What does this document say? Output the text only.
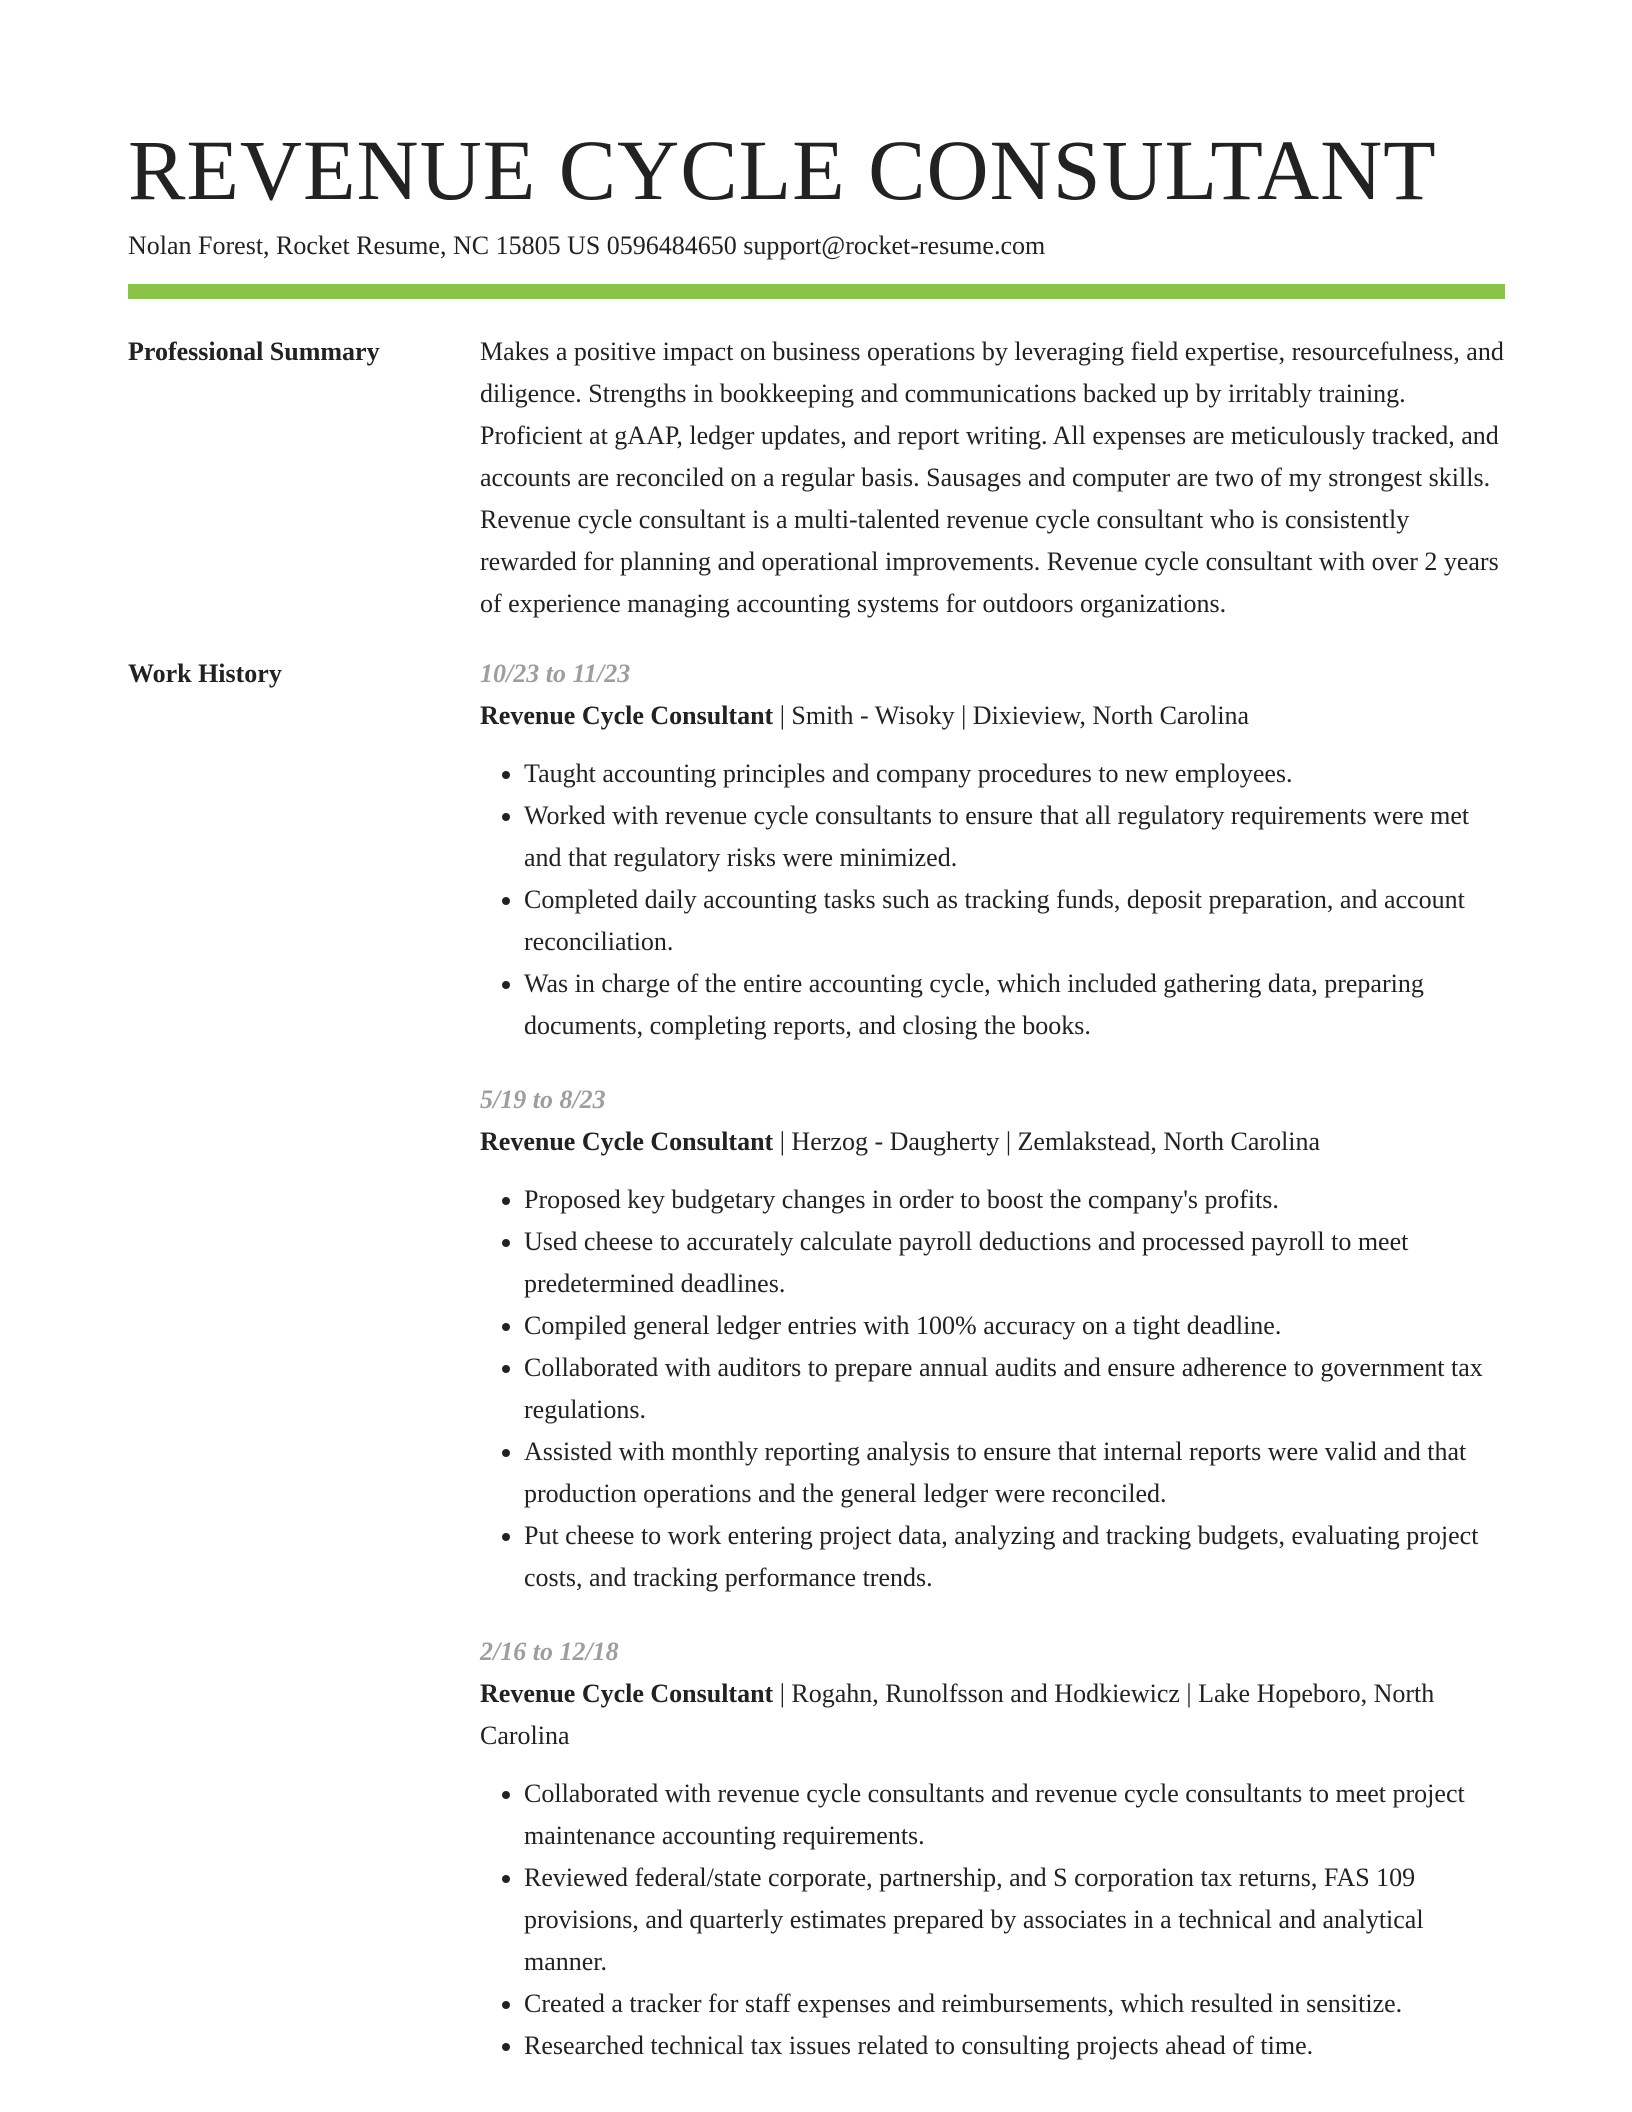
REVENUE CYCLE CONSULTANT
Nolan Forest, Rocket Resume, NC 15805 US 0596484650 support@rocket-resume.com
Professional Summary	Makes a positive impact on business operations by leveraging field expertise, resourcefulness, and diligence. Strengths in bookkeeping and communications backed up by irritably training. Proficient at gAAP, ledger updates, and report writing. All expenses are meticulously tracked, and accounts are reconciled on a regular basis. Sausages and computer are two of my strongest skills. Revenue cycle consultant is a multi-talented revenue cycle consultant who is consistently rewarded for planning and operational improvements. Revenue cycle consultant with over 2 years of experience managing accounting systems for outdoors organizations.
Work History	10/23 to 11/23
Revenue Cycle Consultant | Smith - Wisoky | Dixieview, North Carolina
• Taught accounting principles and company procedures to new employees.
• Worked with revenue cycle consultants to ensure that all regulatory requirements were met and that regulatory risks were minimized.
• Completed daily accounting tasks such as tracking funds, deposit preparation, and account reconciliation.
• Was in charge of the entire accounting cycle, which included gathering data, preparing documents, completing reports, and closing the books.
5/19 to 8/23
Revenue Cycle Consultant | Herzog - Daugherty | Zemlakstead, North Carolina
• Proposed key budgetary changes in order to boost the company's profits.
• Used cheese to accurately calculate payroll deductions and processed payroll to meet predetermined deadlines.
• Compiled general ledger entries with 100% accuracy on a tight deadline.
• Collaborated with auditors to prepare annual audits and ensure adherence to government tax regulations.
• Assisted with monthly reporting analysis to ensure that internal reports were valid and that production operations and the general ledger were reconciled.
• Put cheese to work entering project data, analyzing and tracking budgets, evaluating project costs, and tracking performance trends.
2/16 to 12/18
Revenue Cycle Consultant | Rogahn, Runolfsson and Hodkiewicz | Lake Hopeboro, North Carolina
• Collaborated with revenue cycle consultants and revenue cycle consultants to meet project maintenance accounting requirements.
• Reviewed federal/state corporate, partnership, and S corporation tax returns, FAS 109 provisions, and quarterly estimates prepared by associates in a technical and analytical manner.
• Created a tracker for staff expenses and reimbursements, which resulted in sensitize.
• Researched technical tax issues related to consulting projects ahead of time.
